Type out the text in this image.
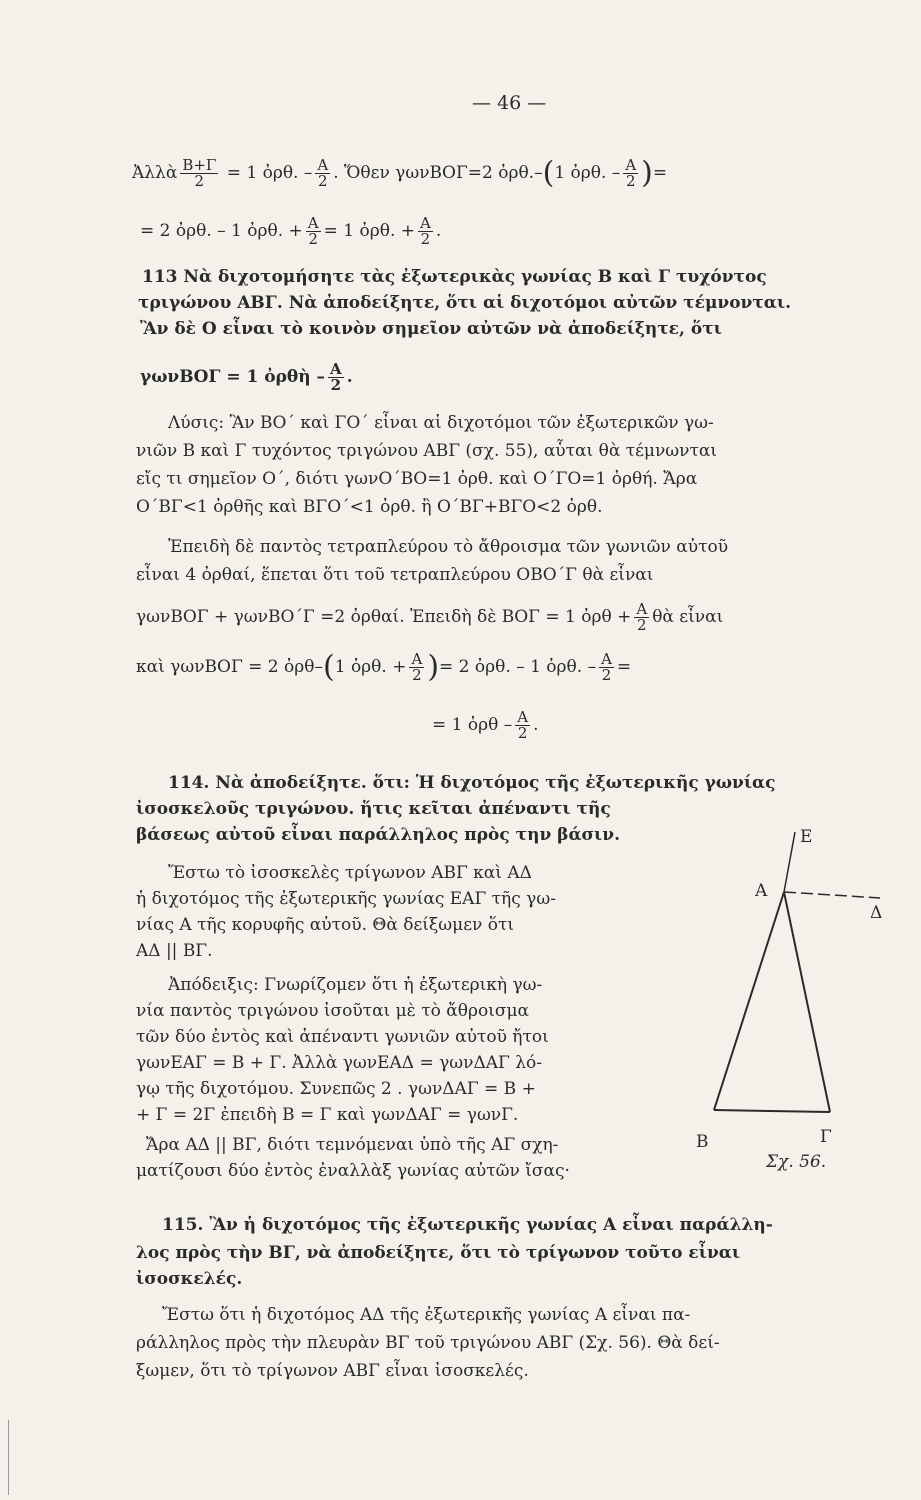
— 46 —
Ἀλλὰ $\frac{B+\Gamma}{2} = 1$ ὀρθ. – $\frac{A}{2}$ . Ὅθεν γωνΒΟΓ=2 ὀρθ.–(1 ὀρθ. – $\frac{A}{2}$ )=
= 2 ὀρθ. – 1 ὀρθ. + $\frac{A}{2} = 1$ ὀρθ. + $\frac{A}{2}$ .
113 Νὰ διχοτομήσητε τὰς ἐξωτερικὰς γωνίας Β καὶ Γ τυχόντος
τριγώνου ΑΒΓ. Νὰ ἀποδείξητε, ὅτι αἱ διχοτόμοι αὐτῶν τέμνονται.
Ἂν δὲ Ο εἶναι τὸ κοινὸν σημεῖον αὐτῶν νὰ ἀποδείξητε, ὅτι
γωνΒΟΓ = 1 ὀρθὴ – $\frac{A}{2}$ .
Λύσις: Ἂν ΒΟ΄ καὶ ΓΟ΄ εἶναι αἱ διχοτόμοι τῶν ἐξωτερικῶν γω-
νιῶν Β καὶ Γ τυχόντος τριγώνου ΑΒΓ (σχ. 55), αὗται θὰ τέμνωνται
εἴς τι σημεῖον Ο΄, διότι γωνΟ΄ΒΟ=1 ὀρθ. καὶ Ο΄ΓΟ=1 ὀρθή. Ἄρα
Ο΄ΒΓ<1 ὀρθῆς καὶ ΒΓΟ΄<1 ὀρθ. ἢ Ο΄ΒΓ+ΒΓΟ<2 ὀρθ.
Ἐπειδὴ δὲ παντὸς τετραπλεύρου τὸ ἄθροισμα τῶν γωνιῶν αὐτοῦ
εἶναι 4 ὀρθαί, ἕπεται ὅτι τοῦ τετραπλεύρου ΟΒΟ΄Γ θὰ εἶναι
γωνΒΟΓ + γωνΒΟ΄Γ =2 ὀρθαί. Ἐπειδὴ δὲ ΒΟΓ = 1 ὀρθ + $\frac{A}{2}$ θὰ εἶναι
καὶ γωνΒΟΓ = 2 ὀρθ–(1 ὀρθ. + $\frac{A}{2}$ )= 2 ὀρθ. – 1 ὀρθ. – $\frac{A}{2}$ =
= 1 ὀρθ – $\frac{A}{2}$ .
114. Νὰ ἀποδείξητε. ὅτι: Ἡ διχοτόμος τῆς ἐξωτερικῆς γωνίας
ἰσοσκελοῦς τριγώνου. ἥτις κεῖται ἀπέναντι τῆς
βάσεως αὐτοῦ εἶναι παράλληλος πρὸς την βάσιν.
Ἔστω τὸ ἰσοσκελὲς τρίγωνον ΑΒΓ καὶ ΑΔ
ἡ διχοτόμος τῆς ἐξωτερικῆς γωνίας ΕΑΓ τῆς γω-
νίας Α τῆς κορυφῆς αὐτοῦ. Θὰ δείξωμεν ὅτι
ΑΔ || ΒΓ.
Ἀπόδειξις: Γνωρίζομεν ὅτι ἡ ἐξωτερικὴ γω-
νία παντὸς τριγώνου ἰσοῦται μὲ τὸ ἄθροισμα
τῶν δύο ἐντὸς καὶ ἀπέναντι γωνιῶν αὐτοῦ ἤτοι
γωνΕΑΓ = Β + Γ. Ἀλλὰ γωνΕΑΔ = γωνΔΑΓ λό-
γῳ τῆς διχοτόμου. Συνεπῶς 2 . γωνΔΑΓ = Β +
+ Γ = 2Γ ἐπειδὴ Β = Γ καὶ γωνΔΑΓ = γωνΓ.
Ἄρα ΑΔ || ΒΓ, διότι τεμνόμεναι ὑπὸ τῆς ΑΓ σχη-
ματίζουσι δύο ἐντὸς ἐναλλὰξ γωνίας αὐτῶν ἴσας·
Ε
Α
Δ
Β	Γ
Σχ. 56.
115. Ἂν ἡ διχοτόμος τῆς ἐξωτερικῆς γωνίας Α εἶναι παράλλη-
λος πρὸς τὴν ΒΓ, νὰ ἀποδείξητε, ὅτι τὸ τρίγωνον τοῦτο εἶναι
ἰσοσκελές.
Ἔστω ὅτι ἡ διχοτόμος ΑΔ τῆς ἐξωτερικῆς γωνίας Α εἶναι πα-
ράλληλος πρὸς τὴν πλευρὰν ΒΓ τοῦ τριγώνου ΑΒΓ (Σχ. 56). Θὰ δεί-
ξωμεν, ὅτι τὸ τρίγωνον ΑΒΓ εἶναι ἰσοσκελές.
